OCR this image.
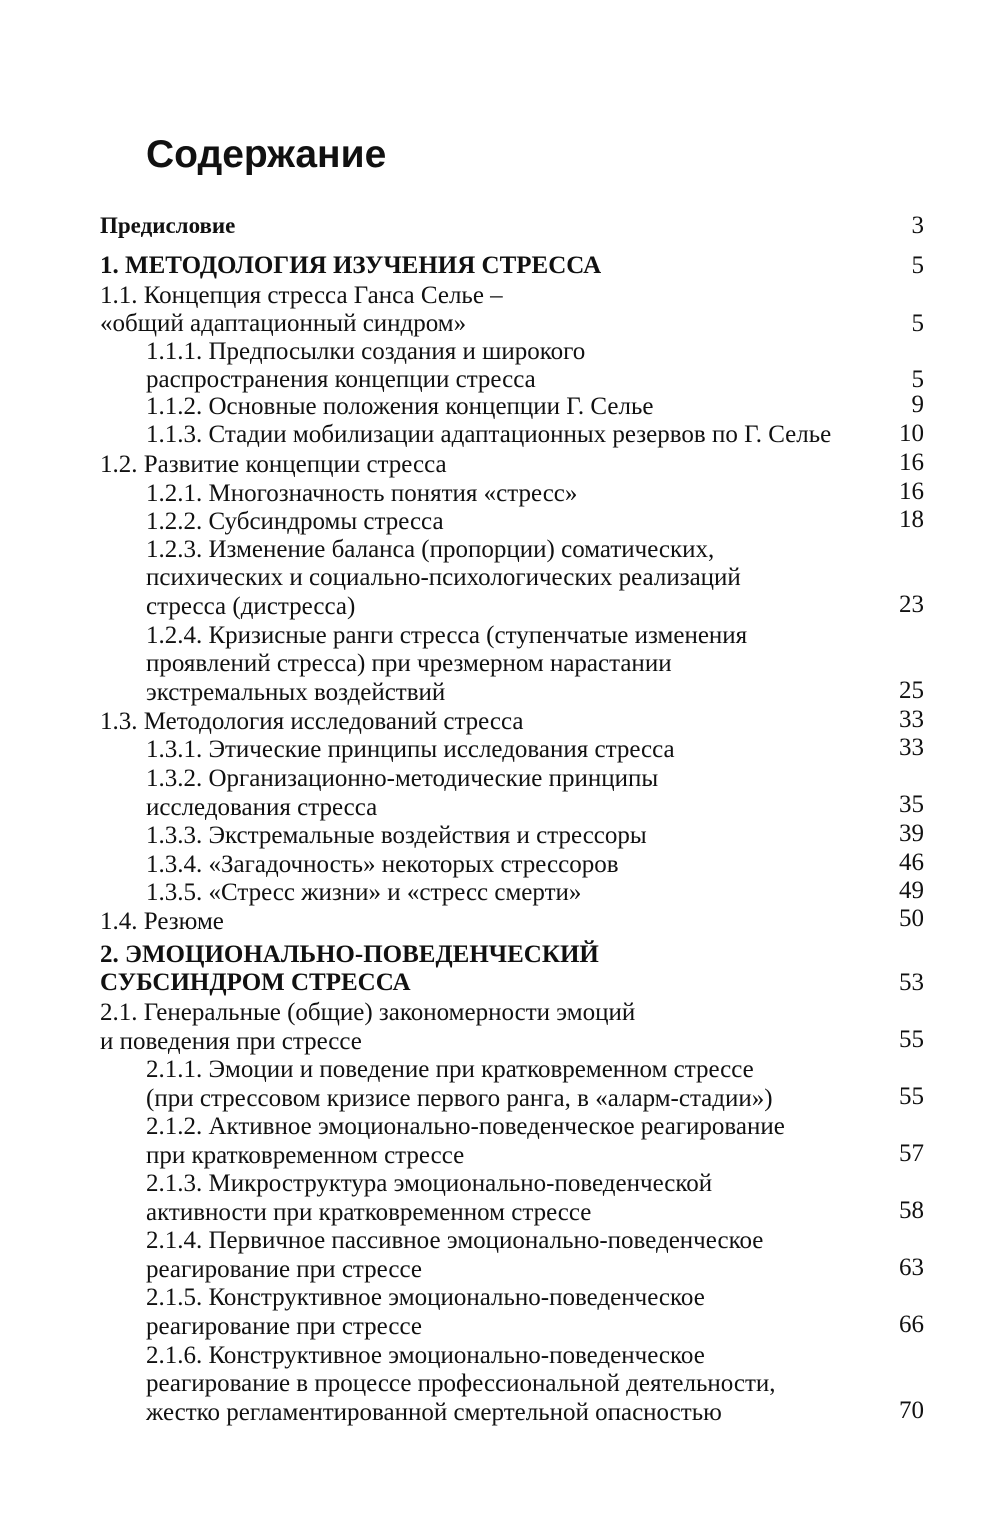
Содержание
Предисловие	3
1. МЕТОДОЛОГИЯ ИЗУЧЕНИЯ СТРЕССА	5
1.1. Концепция стресса Ганса Селье –
«общий адаптационный синдром»	5
1.1.1. Предпосылки создания и широкого
распространения концепции стресса	5
1.1.2. Основные положения концепции Г. Селье	9
1.1.3. Стадии мобилизации адаптационных резервов по Г. Селье	10
1.2. Развитие концепции стресса	16
1.2.1. Многозначность понятия «стресс»	16
1.2.2. Субсиндромы стресса	18
1.2.3. Изменение баланса (пропорции) соматических,
психических и социально-психологических реализаций
стресса (дистресса)	23
1.2.4. Кризисные ранги стресса (ступенчатые изменения
проявлений стресса) при чрезмерном нарастании
экстремальных воздействий	25
1.3. Методология исследований стресса	33
1.3.1. Этические принципы исследования стресса	33
1.3.2. Организационно-методические принципы
исследования стресса	35
1.3.3. Экстремальные воздействия и стрессоры	39
1.3.4. «Загадочность» некоторых стрессоров	46
1.3.5. «Стресс жизни» и «стресс смерти»	49
1.4. Резюме	50
2. ЭМОЦИОНАЛЬНО-ПОВЕДЕНЧЕСКИЙ
СУБСИНДРОМ СТРЕССА	53
2.1. Генеральные (общие) закономерности эмоций
и поведения при стрессе	55
2.1.1. Эмоции и поведение при кратковременном стрессе
(при стрессовом кризисе первого ранга, в «аларм-стадии»)	55
2.1.2. Активное эмоционально-поведенческое реагирование
при кратковременном стрессе	57
2.1.3. Микроструктура эмоционально-поведенческой
активности при кратковременном стрессе	58
2.1.4. Первичное пассивное эмоционально-поведенческое
реагирование при стрессе	63
2.1.5. Конструктивное эмоционально-поведенческое
реагирование при стрессе	66
2.1.6. Конструктивное эмоционально-поведенческое
реагирование в процессе профессиональной деятельности,
жестко регламентированной смертельной опасностью	70
